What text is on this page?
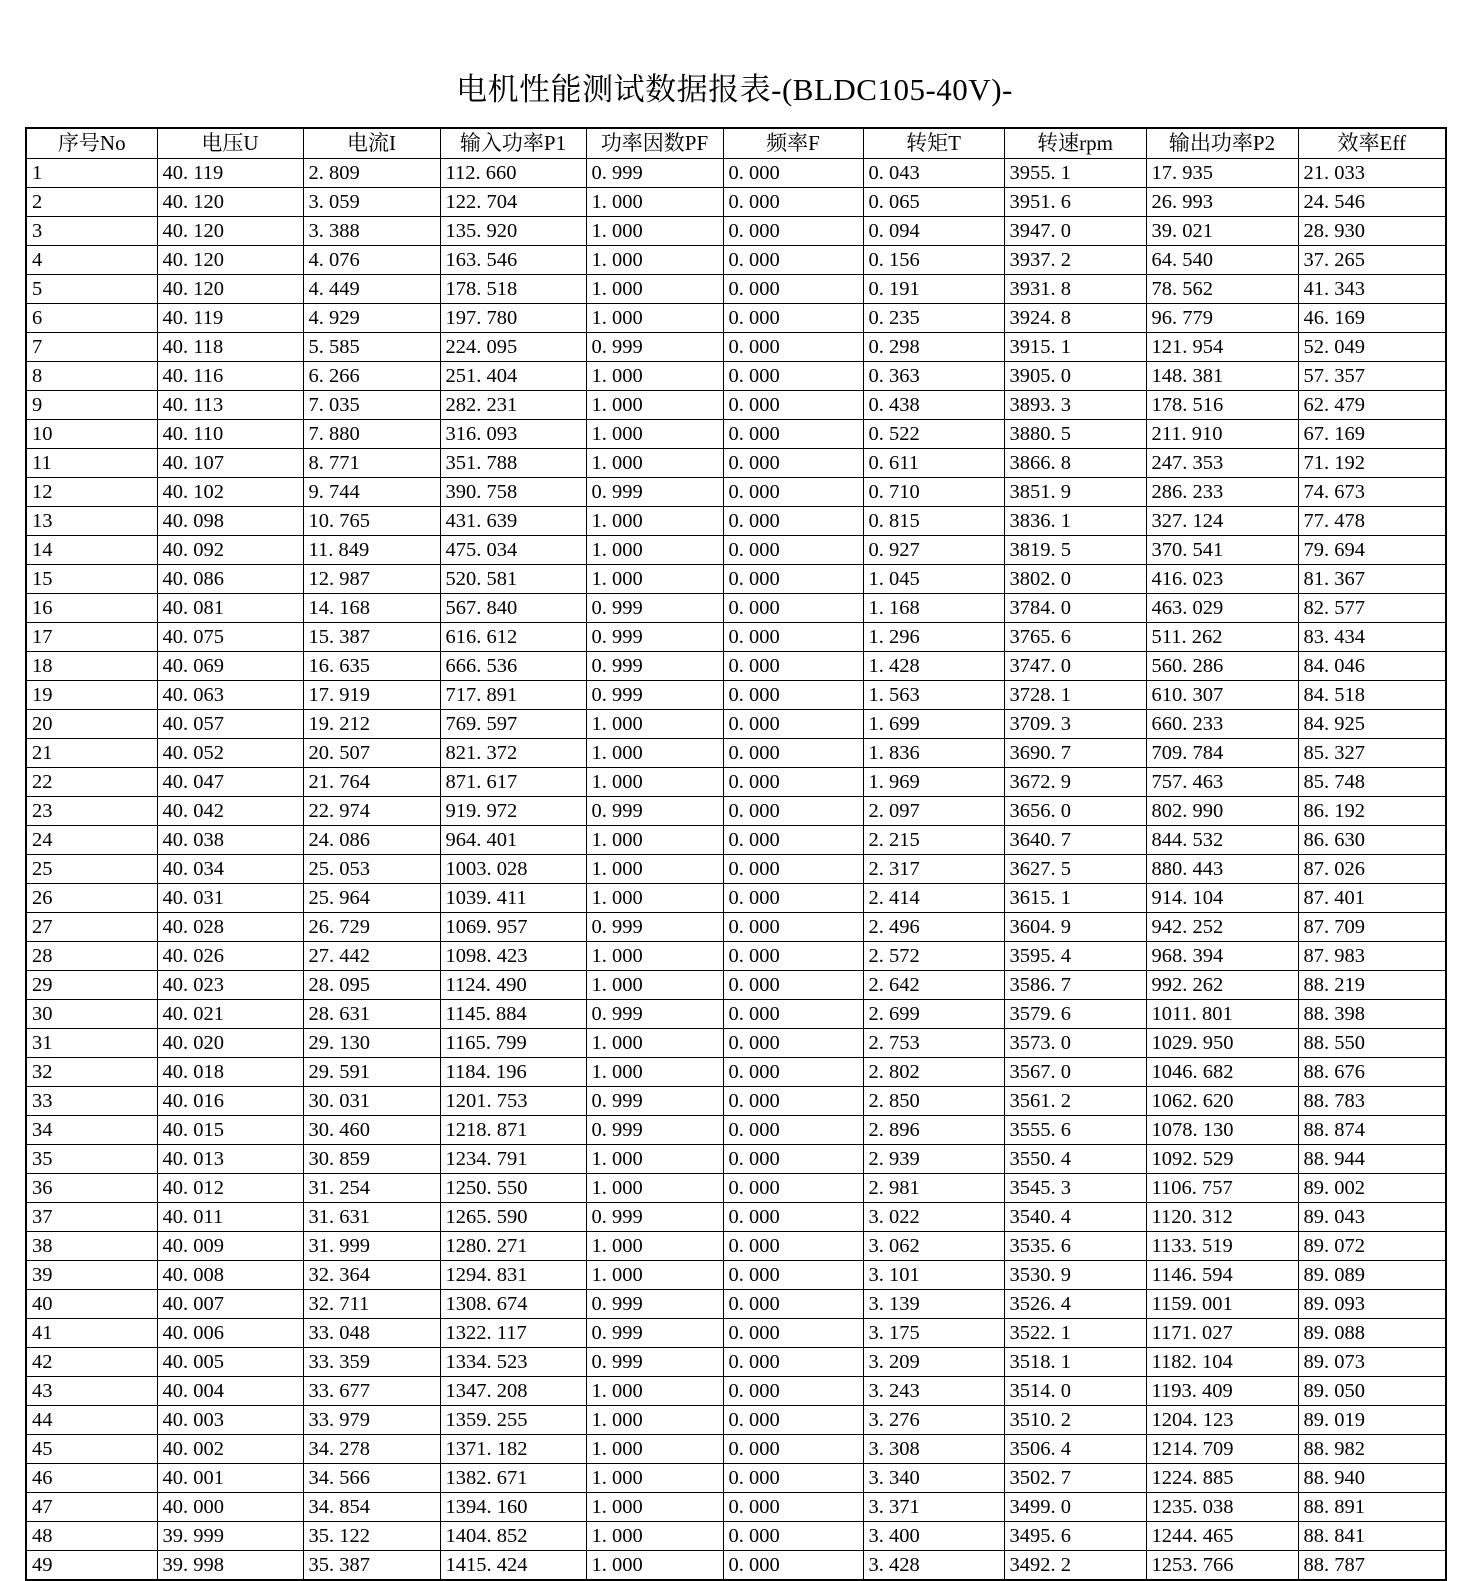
电机性能测试数据报表-(BLDC105-40V)-
序号No	电压U	电流I	输入功率P1	功率因数PF	频率F	转矩T	转速rpm	输出功率P2	效率Eff
1	40. 119	2. 809	112. 660	0. 999	0. 000	0. 043	3955. 1	17. 935	21. 033
2	40. 120	3. 059	122. 704	1. 000	0. 000	0. 065	3951. 6	26. 993	24. 546
3	40. 120	3. 388	135. 920	1. 000	0. 000	0. 094	3947. 0	39. 021	28. 930
4	40. 120	4. 076	163. 546	1. 000	0. 000	0. 156	3937. 2	64. 540	37. 265
5	40. 120	4. 449	178. 518	1. 000	0. 000	0. 191	3931. 8	78. 562	41. 343
6	40. 119	4. 929	197. 780	1. 000	0. 000	0. 235	3924. 8	96. 779	46. 169
7	40. 118	5. 585	224. 095	0. 999	0. 000	0. 298	3915. 1	121. 954	52. 049
8	40. 116	6. 266	251. 404	1. 000	0. 000	0. 363	3905. 0	148. 381	57. 357
9	40. 113	7. 035	282. 231	1. 000	0. 000	0. 438	3893. 3	178. 516	62. 479
10	40. 110	7. 880	316. 093	1. 000	0. 000	0. 522	3880. 5	211. 910	67. 169
11	40. 107	8. 771	351. 788	1. 000	0. 000	0. 611	3866. 8	247. 353	71. 192
12	40. 102	9. 744	390. 758	0. 999	0. 000	0. 710	3851. 9	286. 233	74. 673
13	40. 098	10. 765	431. 639	1. 000	0. 000	0. 815	3836. 1	327. 124	77. 478
14	40. 092	11. 849	475. 034	1. 000	0. 000	0. 927	3819. 5	370. 541	79. 694
15	40. 086	12. 987	520. 581	1. 000	0. 000	1. 045	3802. 0	416. 023	81. 367
16	40. 081	14. 168	567. 840	0. 999	0. 000	1. 168	3784. 0	463. 029	82. 577
17	40. 075	15. 387	616. 612	0. 999	0. 000	1. 296	3765. 6	511. 262	83. 434
18	40. 069	16. 635	666. 536	0. 999	0. 000	1. 428	3747. 0	560. 286	84. 046
19	40. 063	17. 919	717. 891	0. 999	0. 000	1. 563	3728. 1	610. 307	84. 518
20	40. 057	19. 212	769. 597	1. 000	0. 000	1. 699	3709. 3	660. 233	84. 925
21	40. 052	20. 507	821. 372	1. 000	0. 000	1. 836	3690. 7	709. 784	85. 327
22	40. 047	21. 764	871. 617	1. 000	0. 000	1. 969	3672. 9	757. 463	85. 748
23	40. 042	22. 974	919. 972	0. 999	0. 000	2. 097	3656. 0	802. 990	86. 192
24	40. 038	24. 086	964. 401	1. 000	0. 000	2. 215	3640. 7	844. 532	86. 630
25	40. 034	25. 053	1003. 028	1. 000	0. 000	2. 317	3627. 5	880. 443	87. 026
26	40. 031	25. 964	1039. 411	1. 000	0. 000	2. 414	3615. 1	914. 104	87. 401
27	40. 028	26. 729	1069. 957	0. 999	0. 000	2. 496	3604. 9	942. 252	87. 709
28	40. 026	27. 442	1098. 423	1. 000	0. 000	2. 572	3595. 4	968. 394	87. 983
29	40. 023	28. 095	1124. 490	1. 000	0. 000	2. 642	3586. 7	992. 262	88. 219
30	40. 021	28. 631	1145. 884	0. 999	0. 000	2. 699	3579. 6	1011. 801	88. 398
31	40. 020	29. 130	1165. 799	1. 000	0. 000	2. 753	3573. 0	1029. 950	88. 550
32	40. 018	29. 591	1184. 196	1. 000	0. 000	2. 802	3567. 0	1046. 682	88. 676
33	40. 016	30. 031	1201. 753	0. 999	0. 000	2. 850	3561. 2	1062. 620	88. 783
34	40. 015	30. 460	1218. 871	0. 999	0. 000	2. 896	3555. 6	1078. 130	88. 874
35	40. 013	30. 859	1234. 791	1. 000	0. 000	2. 939	3550. 4	1092. 529	88. 944
36	40. 012	31. 254	1250. 550	1. 000	0. 000	2. 981	3545. 3	1106. 757	89. 002
37	40. 011	31. 631	1265. 590	0. 999	0. 000	3. 022	3540. 4	1120. 312	89. 043
38	40. 009	31. 999	1280. 271	1. 000	0. 000	3. 062	3535. 6	1133. 519	89. 072
39	40. 008	32. 364	1294. 831	1. 000	0. 000	3. 101	3530. 9	1146. 594	89. 089
40	40. 007	32. 711	1308. 674	0. 999	0. 000	3. 139	3526. 4	1159. 001	89. 093
41	40. 006	33. 048	1322. 117	0. 999	0. 000	3. 175	3522. 1	1171. 027	89. 088
42	40. 005	33. 359	1334. 523	0. 999	0. 000	3. 209	3518. 1	1182. 104	89. 073
43	40. 004	33. 677	1347. 208	1. 000	0. 000	3. 243	3514. 0	1193. 409	89. 050
44	40. 003	33. 979	1359. 255	1. 000	0. 000	3. 276	3510. 2	1204. 123	89. 019
45	40. 002	34. 278	1371. 182	1. 000	0. 000	3. 308	3506. 4	1214. 709	88. 982
46	40. 001	34. 566	1382. 671	1. 000	0. 000	3. 340	3502. 7	1224. 885	88. 940
47	40. 000	34. 854	1394. 160	1. 000	0. 000	3. 371	3499. 0	1235. 038	88. 891
48	39. 999	35. 122	1404. 852	1. 000	0. 000	3. 400	3495. 6	1244. 465	88. 841
49	39. 998	35. 387	1415. 424	1. 000	0. 000	3. 428	3492. 2	1253. 766	88. 787
